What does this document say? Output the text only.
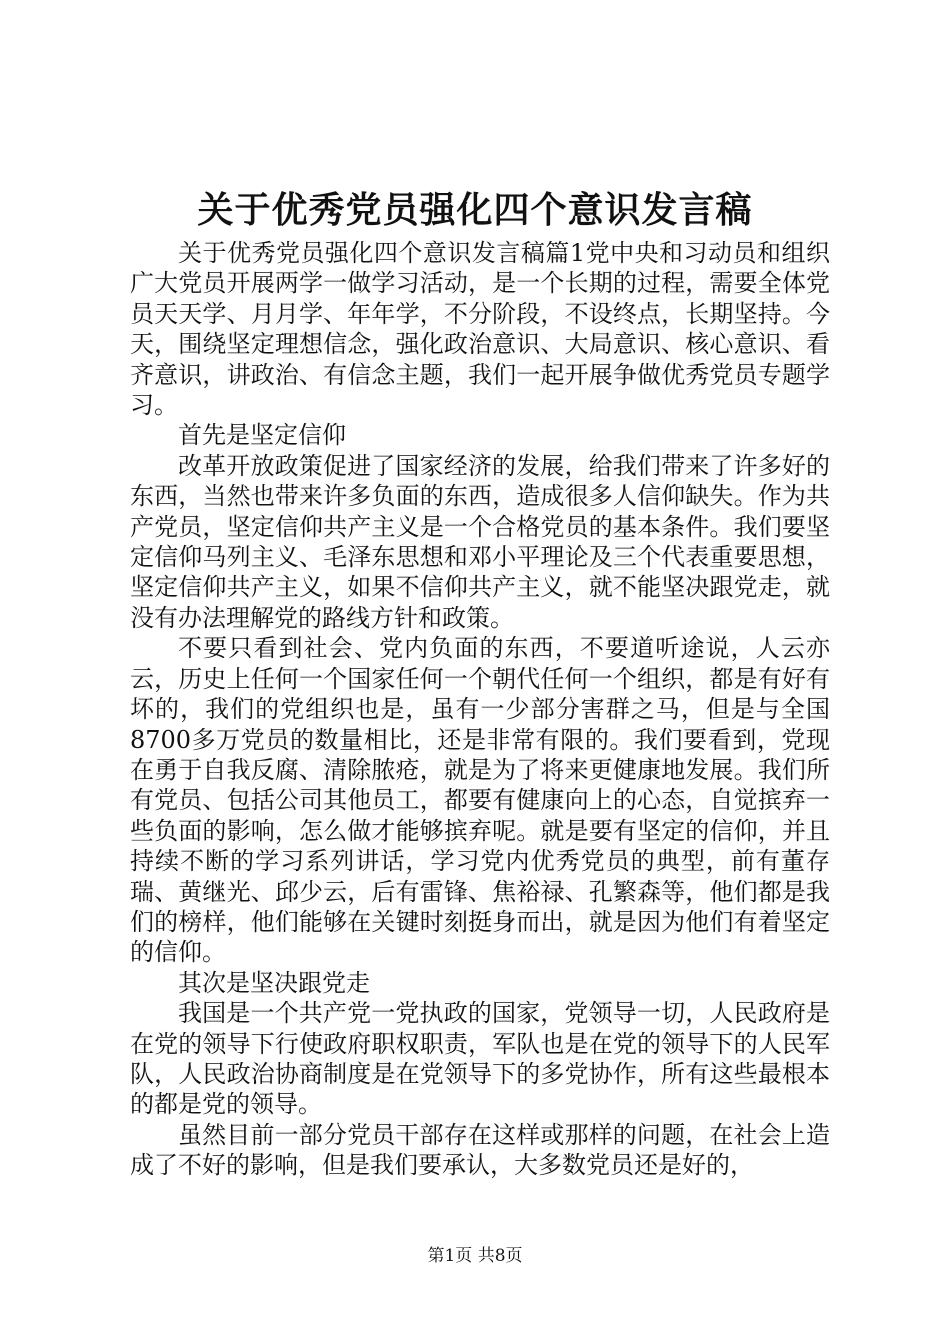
关于优秀党员强化四个意识发言稿

关于优秀党员强化四个意识发言稿篇1党中央和习动员和组织广大党员开展两学一做学习活动，是一个长期的过程，需要全体党员天天学、月月学、年年学，不分阶段，不设终点，长期坚持。今天，围绕坚定理想信念，强化政治意识、大局意识、核心意识、看齐意识，讲政治、有信念主题，我们一起开展争做优秀党员专题学习。

首先是坚定信仰

改革开放政策促进了国家经济的发展，给我们带来了许多好的东西，当然也带来许多负面的东西，造成很多人信仰缺失。作为共产党员，坚定信仰共产主义是一个合格党员的基本条件。我们要坚定信仰马列主义、毛泽东思想和邓小平理论及三个代表重要思想，坚定信仰共产主义，如果不信仰共产主义，就不能坚决跟党走，就没有办法理解党的路线方针和政策。

不要只看到社会、党内负面的东西，不要道听途说，人云亦云，历史上任何一个国家任何一个朝代任何一个组织，都是有好有坏的，我们的党组织也是，虽有一少部分害群之马，但是与全国8700多万党员的数量相比，还是非常有限的。我们要看到，党现在勇于自我反腐、清除脓疮，就是为了将来更健康地发展。我们所有党员、包括公司其他员工，都要有健康向上的心态，自觉摈弃一些负面的影响，怎么做才能够摈弃呢。就是要有坚定的信仰，并且持续不断的学习系列讲话，学习党内优秀党员的典型，前有董存瑞、黄继光、邱少云，后有雷锋、焦裕禄、孔繁森等，他们都是我们的榜样，他们能够在关键时刻挺身而出，就是因为他们有着坚定的信仰。

其次是坚决跟党走

我国是一个共产党一党执政的国家，党领导一切，人民政府是在党的领导下行使政府职权职责，军队也是在党的领导下的人民军队，人民政治协商制度是在党领导下的多党协作，所有这些最根本的都是党的领导。

虽然目前一部分党员干部存在这样或那样的问题，在社会上造成了不好的影响，但是我们要承认，大多数党员还是好的，

第1页 共8页
